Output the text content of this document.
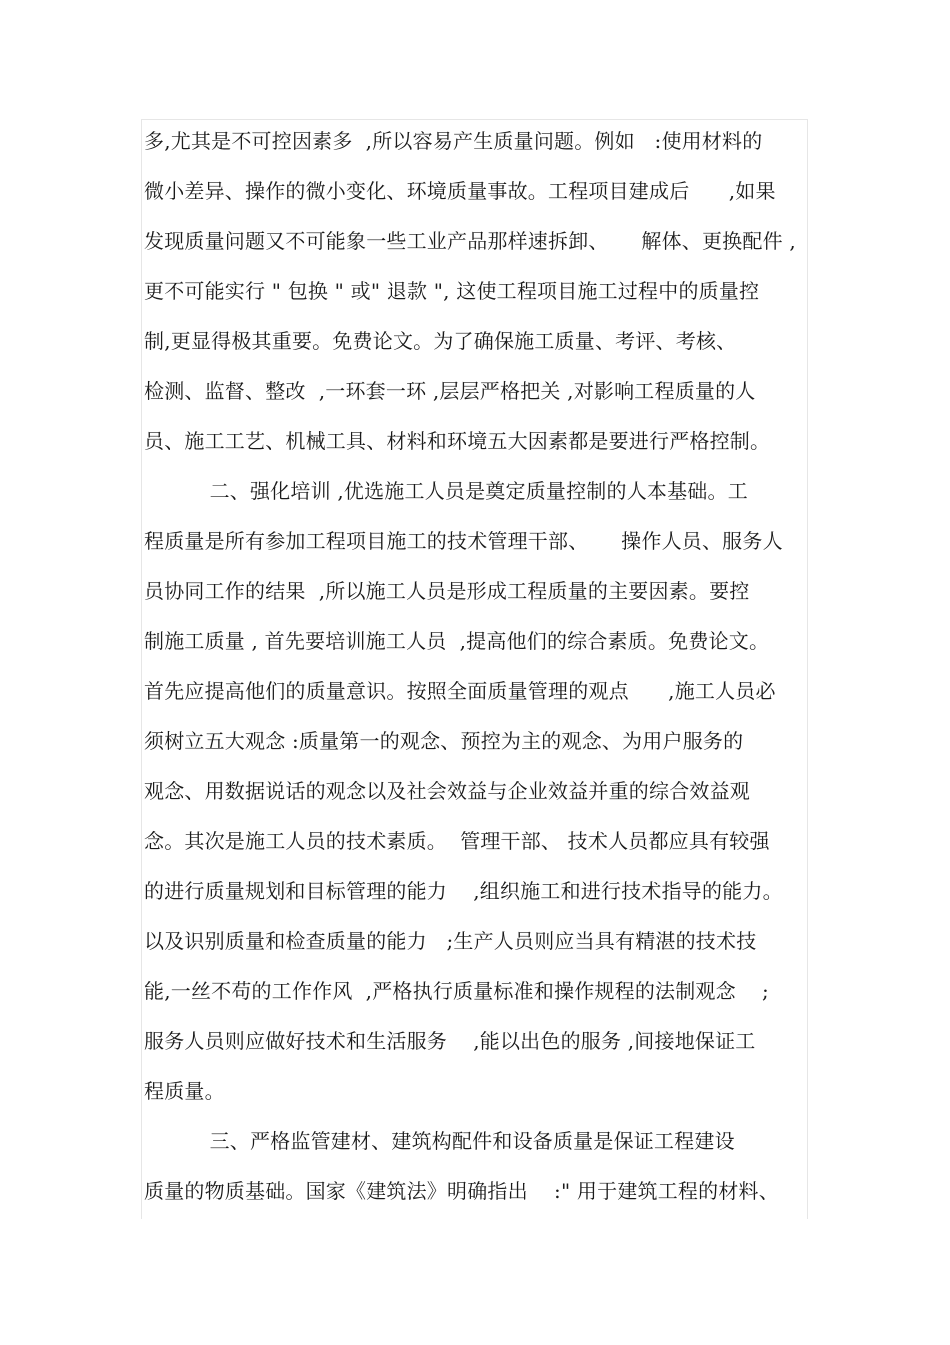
多,尤其是不可控因素多  ,所以容易产生质量问题。例如   :使用材料的
微小差异、操作的微小变化、环境质量事故。工程项目建成后      ,如果
发现质量问题又不可能象一些工业产品那样速拆卸、     解体、更换配件 ,
更不可能实行 " 包换 " 或" 退款 ", 这使工程项目施工过程中的质量控
制,更显得极其重要。免费论文。为了确保施工质量、考评、考核、
检测、监督、整改  ,一环套一环 ,层层严格把关 ,对影响工程质量的人
员、施工工艺、机械工具、材料和环境五大因素都是要进行严格控制。
二、强化培训 ,优选施工人员是奠定质量控制的人本基础。工
程质量是所有参加工程项目施工的技术管理干部、     操作人员、服务人
员协同工作的结果  ,所以施工人员是形成工程质量的主要因素。要控
制施工质量 , 首先要培训施工人员  ,提高他们的综合素质。免费论文。
首先应提高他们的质量意识。按照全面质量管理的观点      ,施工人员必
须树立五大观念 :质量第一的观念、预控为主的观念、为用户服务的
观念、用数据说话的观念以及社会效益与企业效益并重的综合效益观
念。其次是施工人员的技术素质。  管理干部、 技术人员都应具有较强
的进行质量规划和目标管理的能力    ,组织施工和进行技术指导的能力。
以及识别质量和检查质量的能力   ;生产人员则应当具有精湛的技术技
能,一丝不苟的工作作风  ,严格执行质量标准和操作规程的法制观念    ;
服务人员则应做好技术和生活服务    ,能以出色的服务 ,间接地保证工
程质量。
三、严格监管建材、建筑构配件和设备质量是保证工程建设
质量的物质基础。国家《建筑法》明确指出    :" 用于建筑工程的材料、
